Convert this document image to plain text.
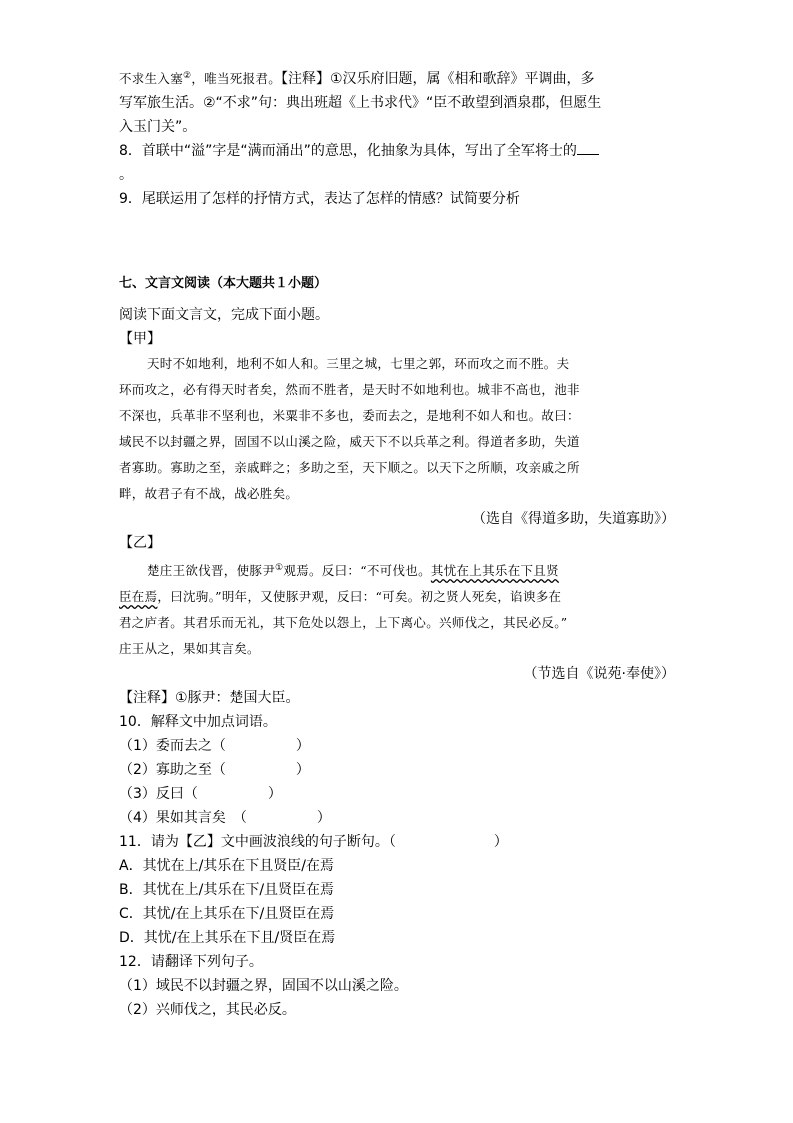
不求生入塞②，唯当死报君。【注释】①汉乐府旧题，属《相和歌辞》平调曲，多
写军旅生活。②“不求”句：典出班超《上书求代》“臣不敢望到酒泉郡，但愿生
入玉门关”。
8．首联中“溢”字是“满而涌出”的意思，化抽象为具体，写出了全军将士的
。
9．尾联运用了怎样的抒情方式，表达了怎样的情感？试简要分析
七、文言文阅读（本大题共１小题）
阅读下面文言文，完成下面小题。
【甲】
天时不如地利，地利不如人和。三里之城，七里之郭，环而攻之而不胜。夫
环而攻之，必有得天时者矣，然而不胜者，是天时不如地利也。城非不高也，池非
不深也，兵革非不坚利也，米粟非不多也，委而去之，是地利不如人和也。故曰：
域民不以封疆之界，固国不以山溪之险，威天下不以兵革之利。得道者多助，失道
者寡助。寡助之至，亲戚畔之；多助之至，天下顺之。以天下之所顺，攻亲戚之所
畔，故君子有不战，战必胜矣。
（选自《得道多助，失道寡助》）
【乙】
楚庄王欲伐晋，使豚尹①观焉。反曰：“不可伐也。其忧在上其乐在下且贤
臣在焉，曰沈驹。”明年，又使豚尹观，反曰：“可矣。初之贤人死矣，谄谀多在
君之庐者。其君乐而无礼，其下危处以怨上，上下离心。兴师伐之，其民必反。”
庄王从之，果如其言矣。
（节选自《说苑·奉使》）
【注释】①豚尹：楚国大臣。
10．解释文中加点词语。
（1）委而去之（　　　　　）
（2）寡助之至（　　　　　）
（3）反曰（　　　　　）
（4）果如其言矣　（　　　　　）
11．请为【乙】文中画波浪线的句子断句。（　　　　　　　）
A．其忧在上/其乐在下且贤臣/在焉
B．其忧在上/其乐在下/且贤臣在焉
C．其忧/在上其乐在下/且贤臣在焉
D．其忧/在上其乐在下且/贤臣在焉
12．请翻译下列句子。
（1）域民不以封疆之界，固国不以山溪之险。
（2）兴师伐之，其民必反。
